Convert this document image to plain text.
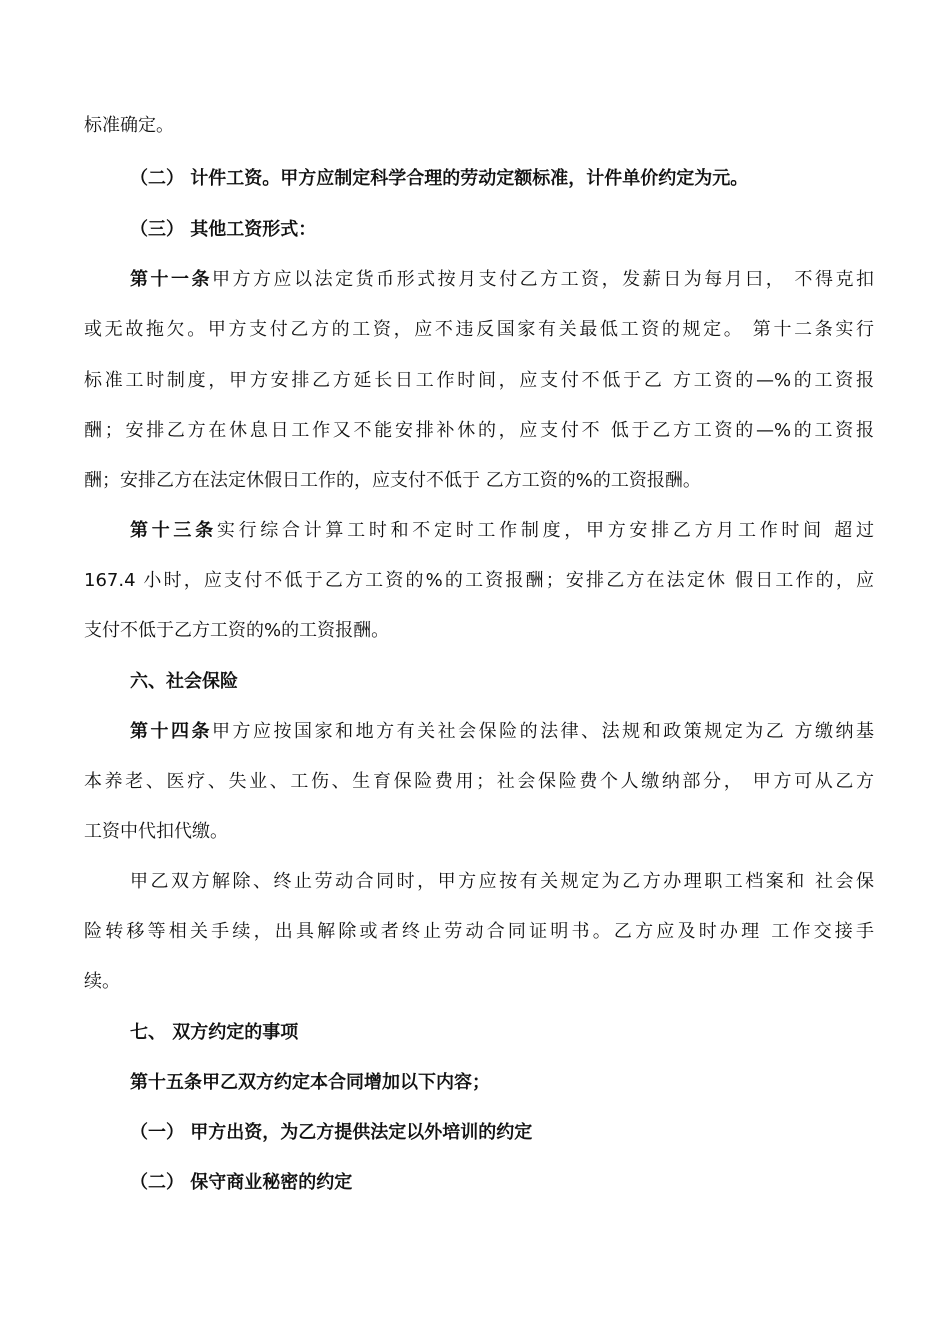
标准确定。
（二） 计件工资。甲方应制定科学合理的劳动定额标准，计件单价约定为元。
（三） 其他工资形式：
第十一条甲方方应以法定货币形式按月支付乙方工资，发薪日为每月曰， 不得克扣
或无故拖欠。甲方支付乙方的工资，应不违反国家有关最低工资的规定。 第十二条实行
标准工时制度，甲方安排乙方延长日工作时间，应支付不低于乙 方工资的—%的工资报
酬；安排乙方在休息日工作又不能安排补休的，应支付不 低于乙方工资的—%的工资报
酬；安排乙方在法定休假日工作的，应支付不低于 乙方工资的%的工资报酬。
第十三条实行综合计算工时和不定时工作制度，甲方安排乙方月工作时间 超过
167.4 小时，应支付不低于乙方工资的%的工资报酬；安排乙方在法定休 假日工作的，应
支付不低于乙方工资的%的工资报酬。
六、社会保险
第十四条甲方应按国家和地方有关社会保险的法律、法规和政策规定为乙 方缴纳基
本养老、医疗、失业、工伤、生育保险费用；社会保险费个人缴纳部分， 甲方可从乙方
工资中代扣代缴。
甲乙双方解除、终止劳动合同时，甲方应按有关规定为乙方办理职工档案和 社会保
险转移等相关手续，出具解除或者终止劳动合同证明书。乙方应及时办理 工作交接手
续。
七、 双方约定的事项
第十五条甲乙双方约定本合同增加以下内容；
（一） 甲方出资，为乙方提供法定以外培训的约定
（二） 保守商业秘密的约定
